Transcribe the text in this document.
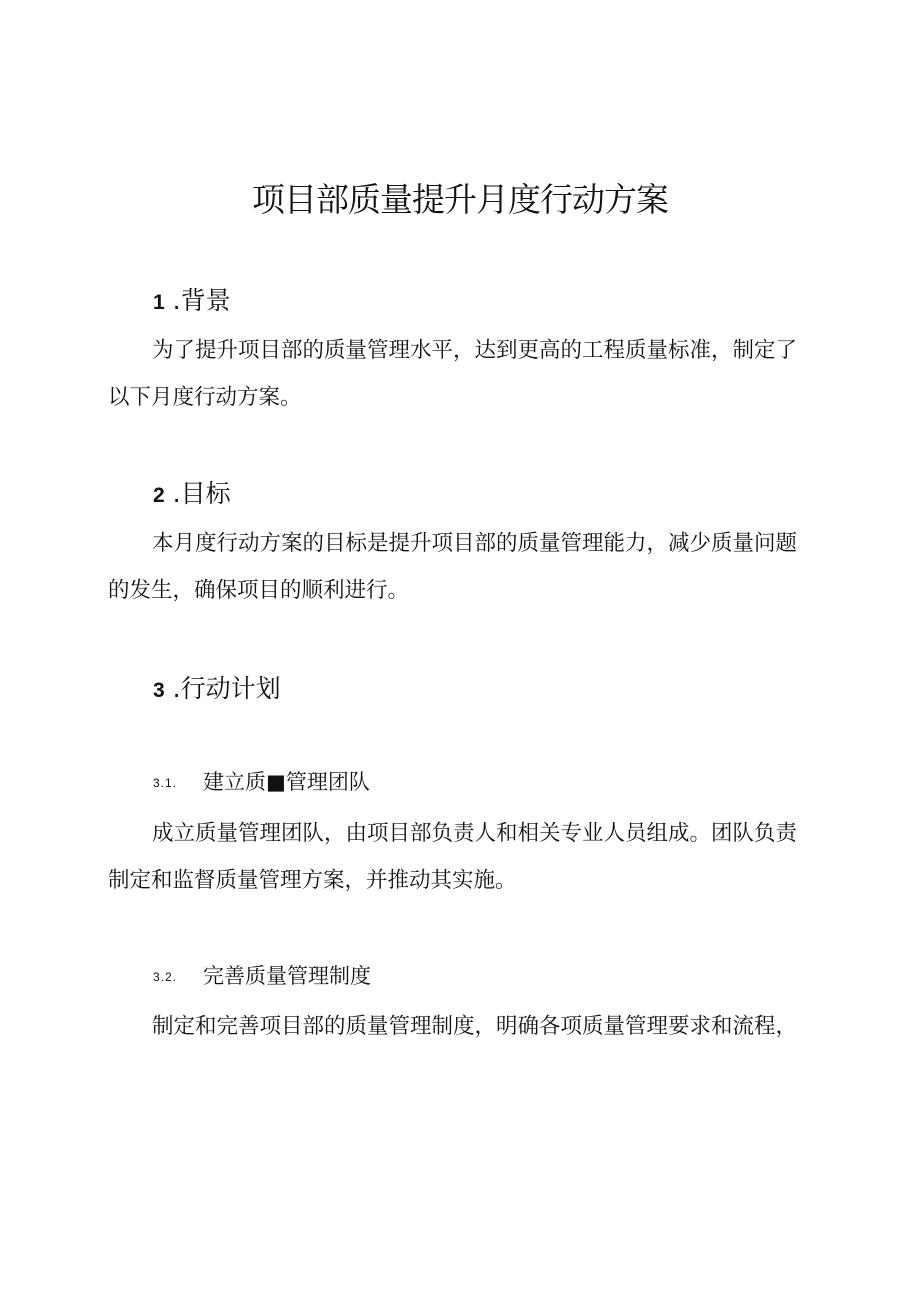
项目部质量提升月度行动方案
1 .背景

为了提升项目部的质量管理水平，达到更高的工程质量标准，制定了以下月度行动方案。

2 .目标

本月度行动方案的目标是提升项目部的质量管理能力，减少质量问题的发生，确保项目的顺利进行。

3 .行动计划
3.1. 建立质■管理团队

成立质量管理团队，由项目部负责人和相关专业人员组成。团队负责制定和监督质量管理方案，并推动其实施。

3.2. 完善质量管理制度

制定和完善项目部的质量管理制度，明确各项质量管理要求和流程，
